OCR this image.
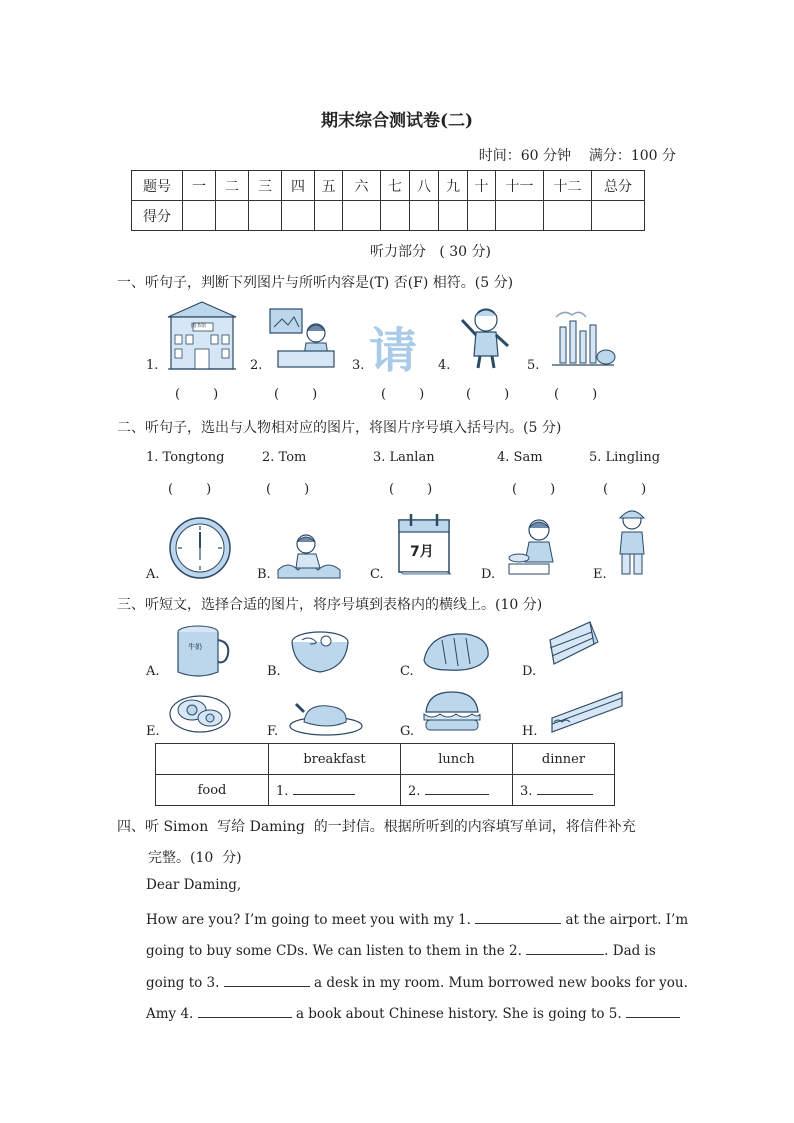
期末综合测试卷(二)
时间：60 分钟    满分：100 分
题号	一	二	三	四	五	六	七	八	九	十	十一	十二	总分
得分													
听力部分   ( 30 分)
一、听句子，判断下列图片与所听内容是(T) 否(F) 相符。(5 分)
图书馆	请
1.	2.	3.	4.	5.
(        )	(        )	(        )	(        )	(        )
二、听句子，选出与人物相对应的图片，将图片序号填入括号内。(5 分)
1. Tongtong	2. Tom	3. Lanlan	4. Sam	5. Lingling
(        )	(        )	(        )	(        )	(        )
7月
A.	B.	C.	D.	E.
三、听短文，选择合适的图片，将序号填到表格内的横线上。(10 分)
牛奶
A.	B.	C.	D.
E.	F.	G.	H.
	breakfast	lunch	dinner
food	1.	2.	3.
四、听 Simon  写给 Daming  的一封信。根据所听到的内容填写单词，将信件补充
完整。(10  分)
Dear Daming,
How are you? I’m going to meet you with my 1.	at the airport. I’m
going to buy some CDs. We can listen to them in the 2.	. Dad is
going to 3.	a desk in my room. Mum borrowed new books for you.
Amy 4.	a book about Chinese history. She is going to 5.
